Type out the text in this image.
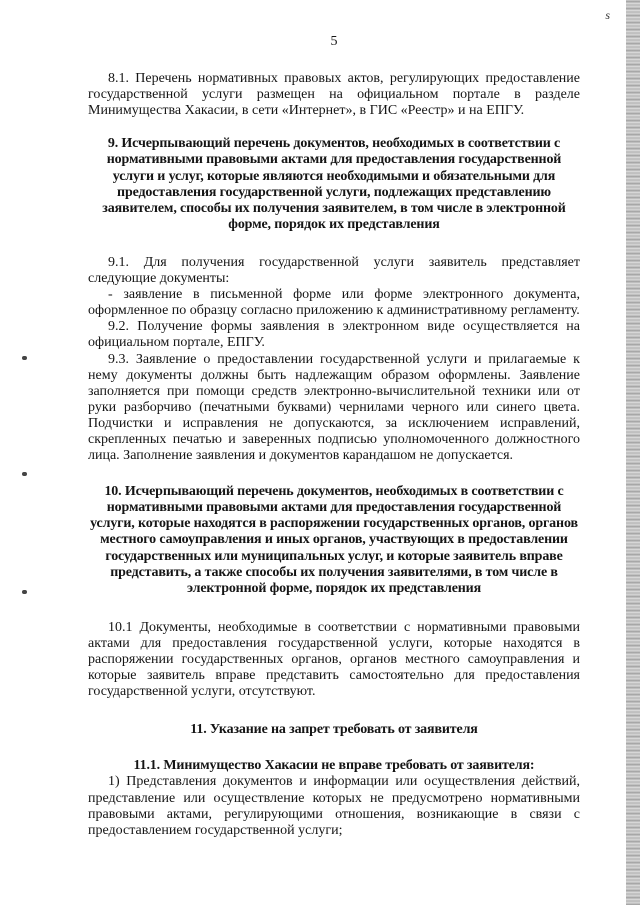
ѕ
5

8.1. Перечень нормативных правовых актов, регулирующих предоставление государственной услуги размещен на официальном портале в разделе Минимущества Хакасии, в сети «Интернет», в ГИС «Реестр» и на ЕПГУ.

9. Исчерпывающий перечень документов, необходимых в соответствии с нормативными правовыми актами для предоставления государственной услуги и услуг, которые являются необходимыми и обязательными для предоставления государственной услуги, подлежащих представлению заявителем, способы их получения заявителем, в том числе в электронной форме, порядок их представления

9.1. Для получения государственной услуги заявитель представляет следующие документы:

- заявление в письменной форме или форме электронного документа, оформленное по образцу согласно приложению к административному регламенту.

9.2. Получение формы заявления в электронном виде осуществляется на официальном портале, ЕПГУ.

9.3. Заявление о предоставлении государственной услуги и прилагаемые к нему документы должны быть надлежащим образом оформлены. Заявление заполняется при помощи средств электронно-вычислительной техники или от руки разборчиво (печатными буквами) чернилами черного или синего цвета. Подчистки и исправления не допускаются, за исключением исправлений, скрепленных печатью и заверенных подписью уполномоченного должностного лица. Заполнение заявления и документов карандашом не допускается.

10. Исчерпывающий перечень документов, необходимых в соответствии с нормативными правовыми актами для предоставления государственной услуги, которые находятся в распоряжении государственных органов, органов местного самоуправления и иных органов, участвующих в предоставлении государственных или муниципальных услуг, и которые заявитель вправе представить, а также способы их получения заявителями, в том числе в электронной форме, порядок их представления

10.1 Документы, необходимые в соответствии с нормативными правовыми актами для предоставления государственной услуги, которые находятся в распоряжении государственных органов, органов местного самоуправления и которые заявитель вправе представить самостоятельно для предоставления государственной услуги, отсутствуют.

11. Указание на запрет требовать от заявителя
11.1. Минимущество Хакасии не вправе требовать от заявителя:

1) Представления документов и информации или осуществления действий, представление или осуществление которых не предусмотрено нормативными правовыми актами, регулирующими отношения, возникающие в связи с предоставлением государственной услуги;
